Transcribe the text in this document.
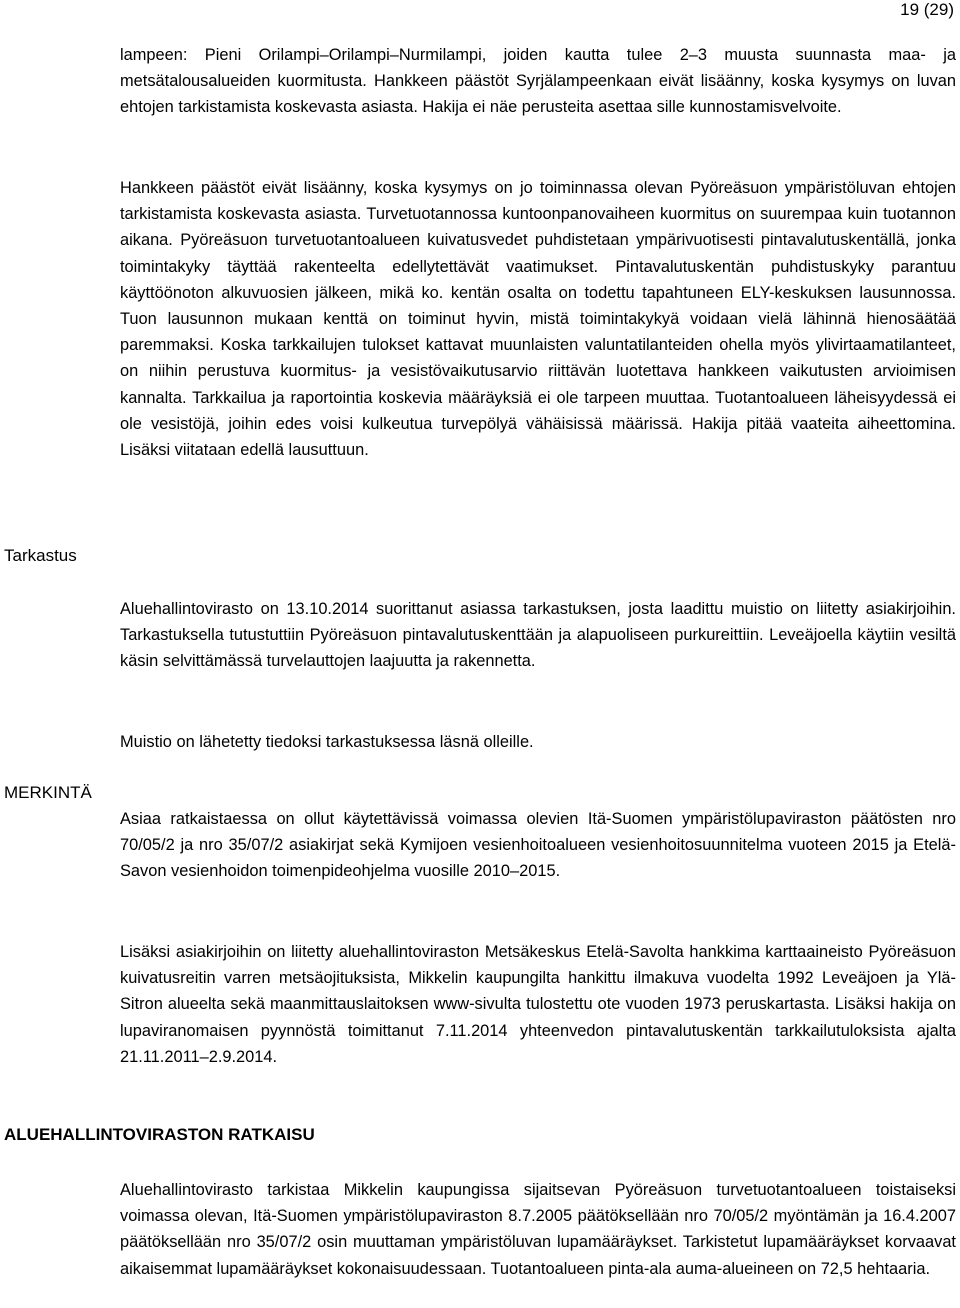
19 (29)

lampeen: Pieni Orilampi–Orilampi–Nurmilampi, joiden kautta tulee 2–3 muusta suunnasta maa- ja metsätalousalueiden kuormitusta. Hankkeen päästöt Syrjälampeenkaan eivät lisäänny, koska kysymys on luvan ehtojen tarkistamista koskevasta asiasta. Hakija ei näe perusteita asettaa sille kunnostamisvelvoite.

Hankkeen päästöt eivät lisäänny, koska kysymys on jo toiminnassa olevan Pyöreäsuon ympäristöluvan ehtojen tarkistamista koskevasta asiasta. Turvetuotannossa kuntoonpanovaiheen kuormitus on suurempaa kuin tuotannon aikana. Pyöreäsuon turvetuotantoalueen kuivatusvedet puhdistetaan ympärivuotisesti pintavalutuskentällä, jonka toimintakyky täyttää rakenteelta edellytettävät vaatimukset. Pintavalutuskentän puhdistuskyky parantuu käyttöönoton alkuvuosien jälkeen, mikä ko. kentän osalta on todettu tapahtuneen ELY-keskuksen lausunnossa. Tuon lausunnon mukaan kenttä on toiminut hyvin, mistä toimintakykyä voidaan vielä lähinnä hienosäätää paremmaksi. Koska tarkkailujen tulokset kattavat muunlaisten valuntatilanteiden ohella myös ylivirtaamatilanteet, on niihin perustuva kuormitus- ja vesistövaikutusarvio riittävän luotettava hankkeen vaikutusten arvioimisen kannalta. Tarkkailua ja raportointia koskevia määräyksiä ei ole tarpeen muuttaa. Tuotantoalueen läheisyydessä ei ole vesistöjä, joihin edes voisi kulkeutua turvepölyä vähäisissä määrissä. Hakija pitää vaateita aiheettomina. Lisäksi viitataan edellä lausuttuun.

Tarkastus

Aluehallintovirasto on 13.10.2014 suorittanut asiassa tarkastuksen, josta laadittu muistio on liitetty asiakirjoihin. Tarkastuksella tutustuttiin Pyöreäsuon pintavalutuskenttään ja alapuoliseen purkureittiin. Leveäjoella käytiin vesiltä käsin selvittämässä turvelauttojen laajuutta ja rakennetta.

Muistio on lähetetty tiedoksi tarkastuksessa läsnä olleille.

MERKINTÄ

Asiaa ratkaistaessa on ollut käytettävissä voimassa olevien Itä-Suomen ympäristölupaviraston päätösten nro 70/05/2 ja nro 35/07/2 asiakirjat sekä Kymijoen vesienhoitoalueen vesienhoitosuunnitelma vuoteen 2015 ja Etelä-Savon vesienhoidon toimenpideohjelma vuosille 2010–2015.

Lisäksi asiakirjoihin on liitetty aluehallintoviraston Metsäkeskus Etelä-Savolta hankkima karttaaineisto Pyöreäsuon kuivatusreitin varren metsäojituksista, Mikkelin kaupungilta hankittu ilmakuva vuodelta 1992 Leveäjoen ja Ylä-Sitron alueelta sekä maanmittauslaitoksen www-sivulta tulostettu ote vuoden 1973 peruskartasta. Lisäksi hakija on lupaviranomaisen pyynnöstä toimittanut 7.11.2014 yhteenvedon pintavalutuskentän tarkkailutuloksista ajalta 21.11.2011–2.9.2014.

ALUEHALLINTOVIRASTON RATKAISU

Aluehallintovirasto tarkistaa Mikkelin kaupungissa sijaitsevan Pyöreäsuon turvetuotantoalueen toistaiseksi voimassa olevan, Itä-Suomen ympäristölupaviraston 8.7.2005 päätöksellään nro 70/05/2 myöntämän ja 16.4.2007 päätöksellään nro 35/07/2 osin muuttaman ympäristöluvan lupamääräykset. Tarkistetut lupamääräykset korvaavat aikaisemmat lupamääräykset kokonaisuudessaan. Tuotantoalueen pinta-ala auma-alueineen on 72,5 hehtaaria.
